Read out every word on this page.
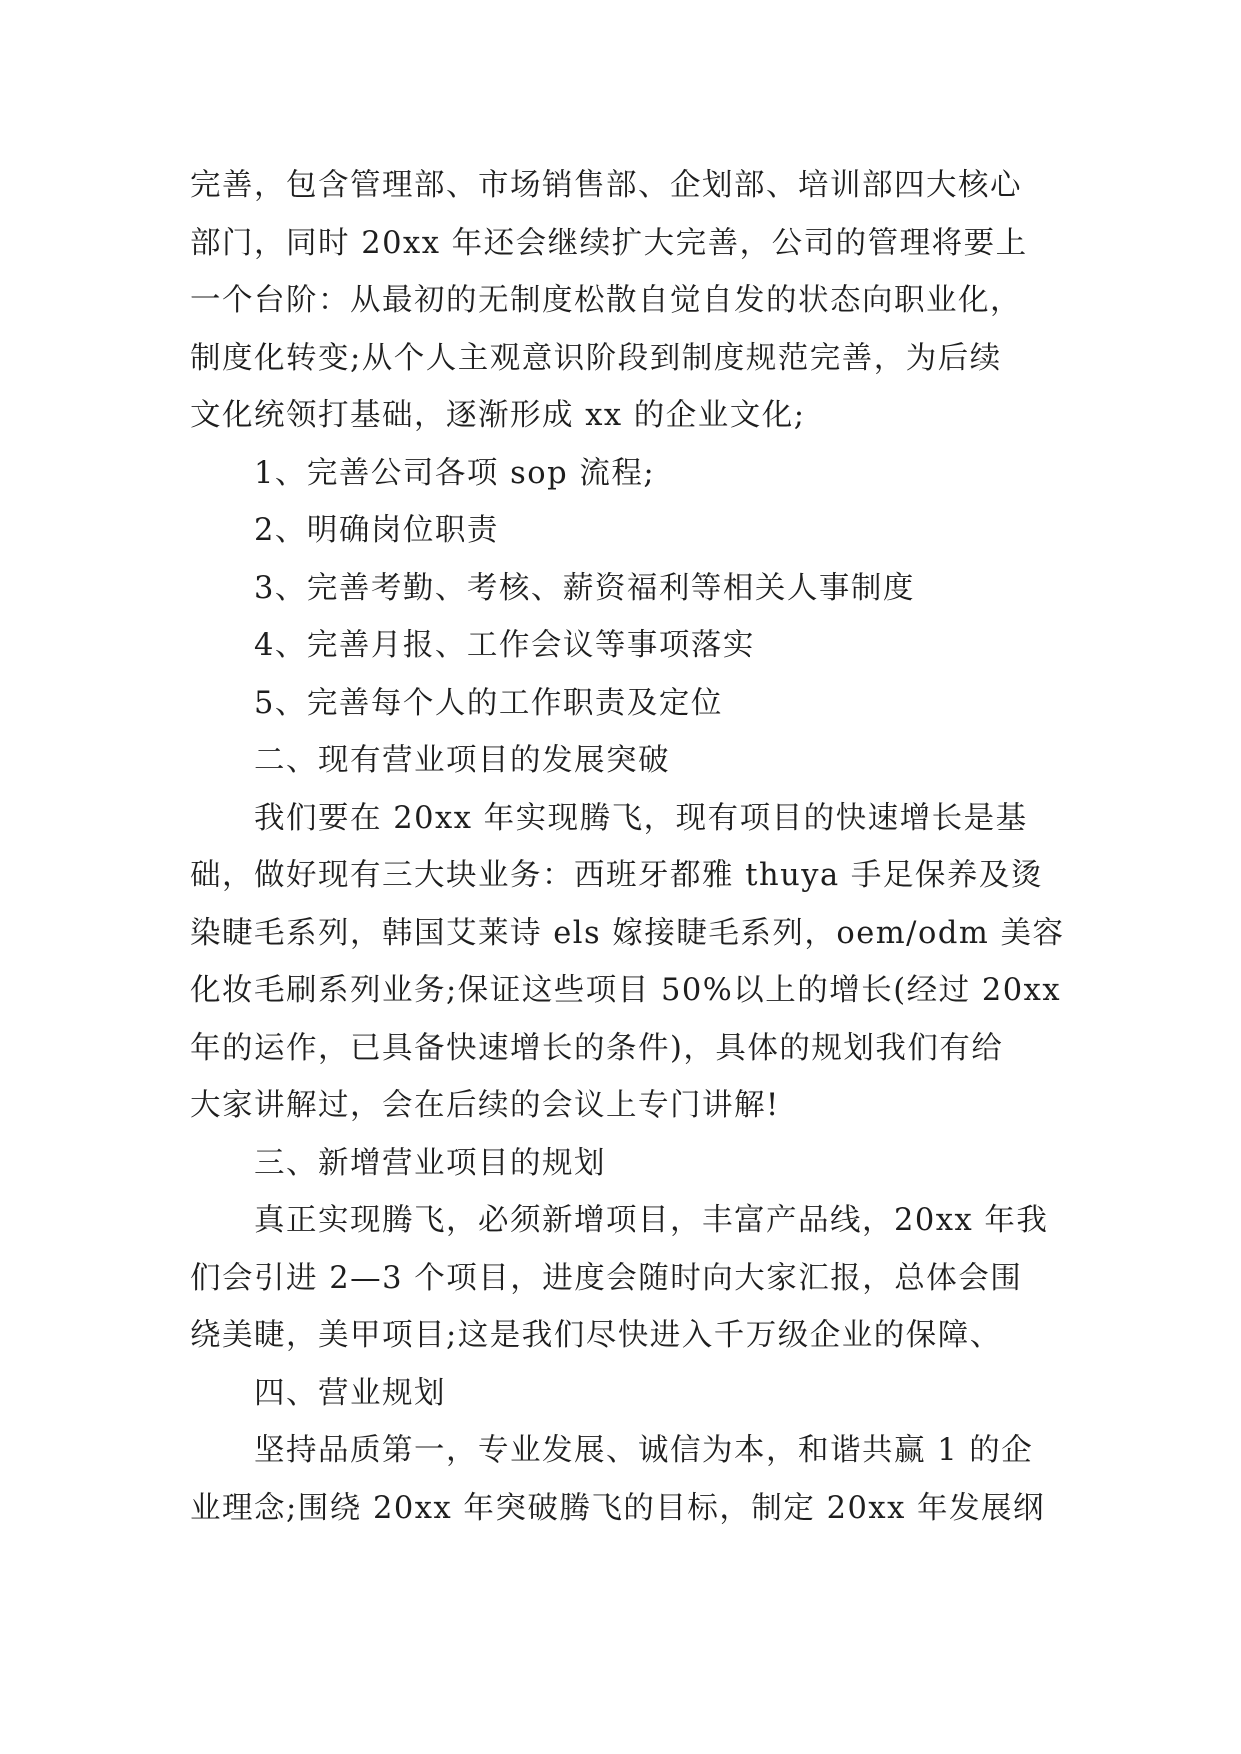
完善，包含管理部、市场销售部、企划部、培训部四大核心
部门，同时 20xx 年还会继续扩大完善，公司的管理将要上
一个台阶：从最初的无制度松散自觉自发的状态向职业化，
制度化转变;从个人主观意识阶段到制度规范完善，为后续
文化统领打基础，逐渐形成 xx 的企业文化;
1、完善公司各项 sop 流程;
2、明确岗位职责
3、完善考勤、考核、薪资福利等相关人事制度
4、完善月报、工作会议等事项落实
5、完善每个人的工作职责及定位
二、现有营业项目的发展突破
我们要在 20xx 年实现腾飞，现有项目的快速增长是基
础，做好现有三大块业务：西班牙都雅 thuya 手足保养及烫
染睫毛系列，韩国艾莱诗 els 嫁接睫毛系列，oem/odm 美容
化妆毛刷系列业务;保证这些项目 50%以上的增长(经过 20xx
年的运作，已具备快速增长的条件)，具体的规划我们有给
大家讲解过，会在后续的会议上专门讲解!
三、新增营业项目的规划
真正实现腾飞，必须新增项目，丰富产品线，20xx 年我
们会引进 2—3 个项目，进度会随时向大家汇报，总体会围
绕美睫，美甲项目;这是我们尽快进入千万级企业的保障、
四、营业规划
坚持品质第一，专业发展、诚信为本，和谐共赢 1 的企
业理念;围绕 20xx 年突破腾飞的目标，制定 20xx 年发展纲
